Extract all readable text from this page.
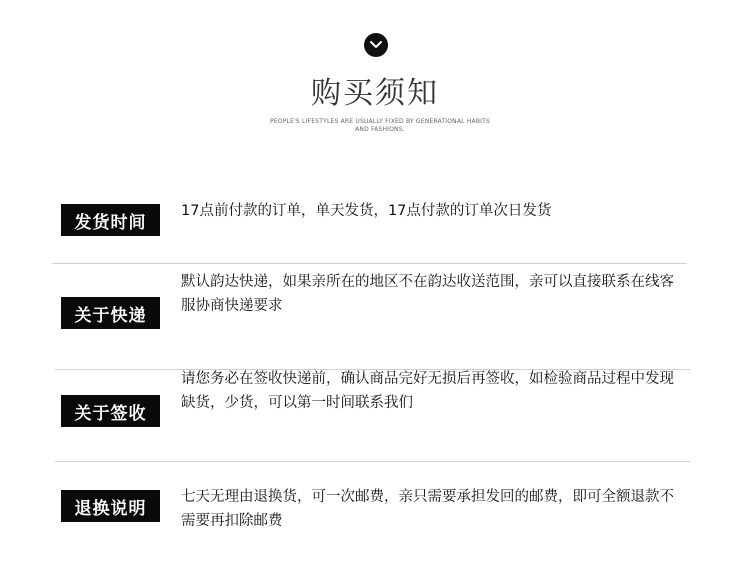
购买须知
PEOPLE'S LIFESTYLES ARE USUALLY FIXED BY GENERATIONAL HABITS AND FASHIONS.
发货时间
17点前付款的订单，单天发货，17点付款的订单次日发货
关于快递
默认韵达快递，如果亲所在的地区不在韵达收送范围，亲可以直接联系在线客服协商快递要求
关于签收
请您务必在签收快递前，确认商品完好无损后再签收，如检验商品过程中发现缺货，少货，可以第一时间联系我们
退换说明
七天无理由退换货，可一次邮费，亲只需要承担发回的邮费，即可全额退款不需要再扣除邮费
